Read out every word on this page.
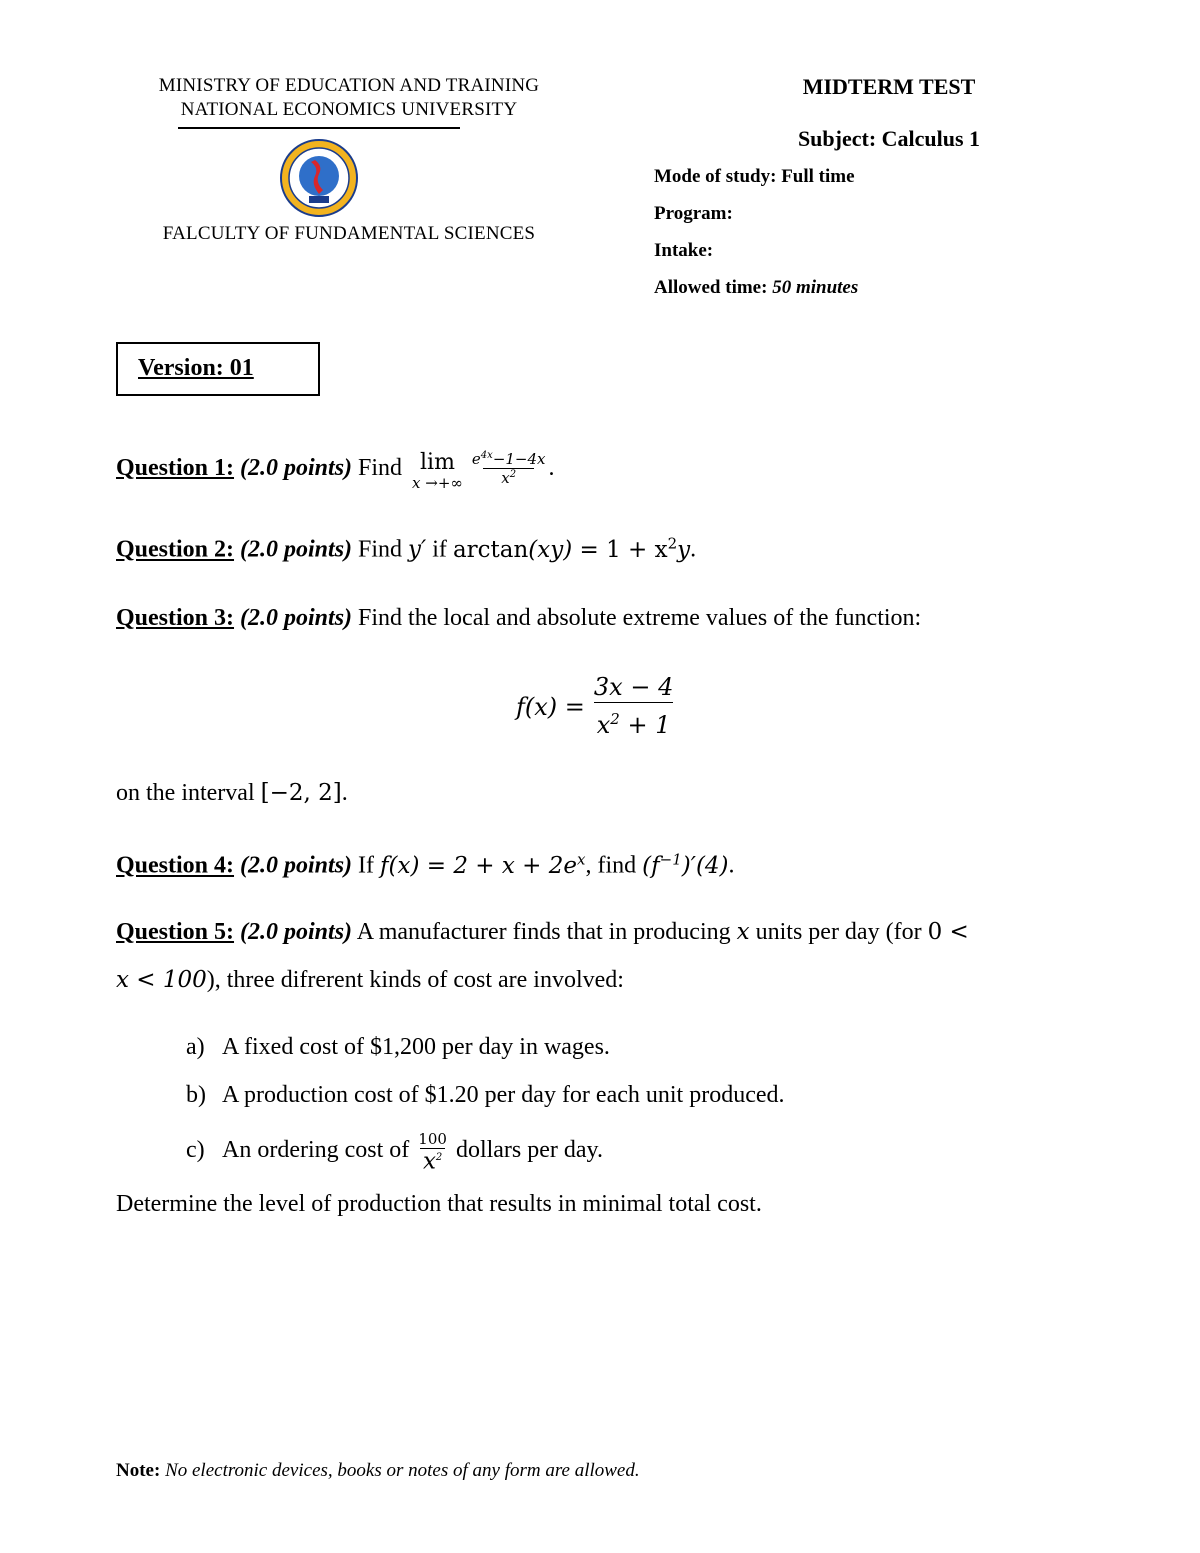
MINISTRY OF EDUCATION AND TRAINING
NATIONAL ECONOMICS UNIVERSITY
FALCULTY OF FUNDAMENTAL SCIENCES
MIDTERM TEST
Subject: Calculus 1
Mode of study: Full time
Program:
Intake:
Allowed time: 50 minutes
Version: 01
Question 1:
(2.0 points)
Find
lim
x →+∞ $\frac{e^{4x}-1-4x}{x^2}$ .
Question 2: (2.0 points) Find y′ if $\arctan(xy) = 1 + x^2y$.
Question 3: (2.0 points) Find the local and absolute extreme values of the function:
$f(x) = \frac{3x - 4}{x^2 + 1}$
on the interval [−2, 2].
Question 4: (2.0 points) If $f(x) = 2 + x + 2e^x$, find $(f^{-1})'(4)$.
Question 5: (2.0 points) A manufacturer finds that in producing x units per day (for 0 <
x < 100), three difrerent kinds of cost are involved:
a) A fixed cost of $1,200 per day in wages.
b) A production cost of $1.20 per day for each unit produced.
c) An ordering cost of
$\frac{100}{x^2}$
dollars per day.
Determine the level of production that results in minimal total cost.
Note: No electronic devices, books or notes of any form are allowed.
